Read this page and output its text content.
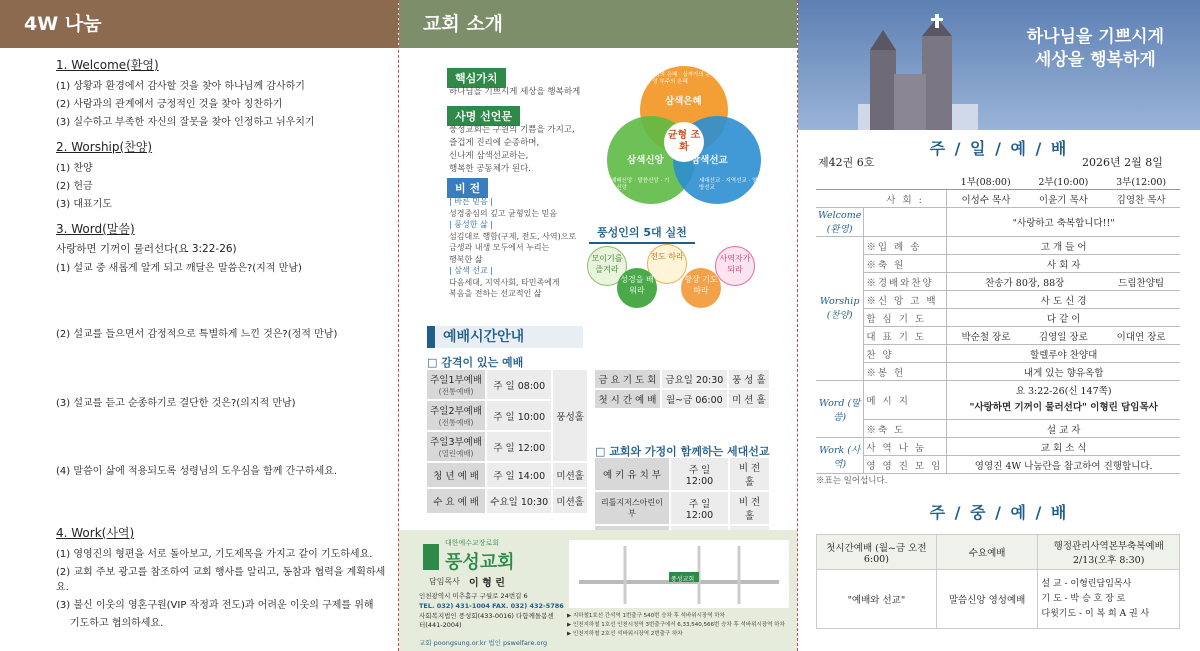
4W 나눔
1. Welcome(환영)
(1) 상황과 환경에서 감사할 것을 찾아 하나님께 감사하기
(2) 사람과의 관계에서 긍정적인 것을 찾아 칭찬하기
(3) 실수하고 부족한 자신의 잘못을 찾아 인정하고 뉘우치기
2. Worship(찬양)
(1) 찬양
(2) 헌금
(3) 대표기도
3. Word(말씀)
사랑하면 기꺼이 물러선다(요 3:22-26)
(1) 설교 중 새롭게 알게 되고 깨달은 말씀은?(지적 만남)
(2) 설교를 들으면서 감정적으로 특별하게 느낀 것은?(정적 만남)
(3) 설교를 듣고 순종하기로 결단한 것은?(의지적 만남)
(4) 말씀이 삶에 적용되도록 성령님의 도우심을 함께 간구하세요.
4. Work(사역)
(1) 영영진의 형편을 서로 돌아보고, 기도제목을 가지고 같이 기도하세요.
(2) 교회 주보 광고를 참조하여 교회 행사를 알리고, 동참과 협력을 계획하세요.
(3) 불신 이웃의 영혼구원(VIP 작정과 전도)과 어려운 이웃의 구제를 위해
기도하고 협의하세요.
교회 소개
핵심가치
하나님을 기쁘시게 세상을 행복하게
사명 선언문
풍성교회는 구원의 기쁨을 가지고,
즐겁게 진리에 순종하며,
신나게 삼색선교하는,
행복한 공동체가 된다.
비 전
| 바른 믿음 |
성경중심의 깊고 균형있는 믿음
| 풍성한 삶 |
섬김대로 행함(구제, 전도, 사역)으로
금생과 내생 모두에서 누리는
행복한 삶
| 삼색 선교 |
다음세대, 지역사회, 타민족에게
복음을 전하는 선교적인 삶
삼색은혜
삼색신앙	삼색선교
균형 조화
성령의 은혜 · 십자가의 은혜 · 성 부주의 은혜
예배신앙 · 말씀신앙 · 기도신앙
세대선교 · 지역선교 · 열방선교
풍성인의 5대 실천
모이기를 즐겨라
전도 하라
성경을 배워라
항상 기도하라
사역자가 되라
예배시간안내
□ 감격이 있는 예배
주일1부예배
(전통예배)	주 일 08:00	풍성홀
주일2부예배
(전통예배)	주 일 10:00	
주일3부예배
(열린예배)	주 일 12:00	
청 년 예 배	주 일 14:00	미션홀
수 요 예 배	수요일 10:30	미션홀
금 요 기 도 회	금요일 20:30	풍 성 홀
첫 시 간 예 배	월~금 06:00	미 션 홀
□ 교회와 가정이 함께하는 세대선교
예 키 유 치 부	주 일 12:00	비 전 홀
리틀지저스아린이부	주 일 12:00	비 전 홀

대한예수교장로회
풍성교회
담임목사 이 형 린
인천광역시 미추홀구 구월로 24번길 6
TEL. 032) 431-1004 FAX. 032) 432-5786
사회복지법인 풍성회(433-0016) 다함께돌봄센터(441-2004)
교회 poongsung.or.kr 법인 pswelfare.org
풍성교회
▶ 지하철1호선 간석역 1번출구 540번 승차 후 석바위시장역 하차
▶ 인천지하철 1호선 인천시청역 3번출구에서 6,33,540,566번 승차 후 석바위시장역 하차
▶ 인천지하철 2호선 석바위시장역 2번출구 하차
하나님을 기쁘시게
세상을 행복하게
주 / 일 / 예 / 배
제42권 6호	2026년 2월 8일
		1부(08:00)	2부(10:00)	3부(12:00)
	사 회 :	이성수 목사	이윤기 목사	김영찬 목사
Welcome (환영)		"사랑하고 축복합니다!!"		
Worship (찬양)	※입 례 송	고 개 들 어		
	※축 원	사 회 자		
	※경배와찬양	찬송가 80장, 88장		드림찬양팀
	※신 앙 고 백	사 도 신 경		
	합 심 기 도	다 같 이		
	대 표 기 도	박순철 장로	김영일 장로	이대연 장로
	찬 양	할렐루야 찬양대		
	※봉 헌	내게 있는 향유옥합		
Word (말씀)	메 시 지	요 3:22-26(신 147쪽)
"사랑하면 기꺼이 물러선다" 이형린 담임목사		

	※축 도	설 교 자		
Work (사역)	사 역 나 눔	교 회 소 식		
	영 영 진 모 임	영영진 4W 나눔란을 참고하여 진행합니다.		
※표는 일어섭니다.
주 / 중 / 예 / 배
첫시간예배 (월~금 오전 6:00)	수요예배	행정관리사역본부축복예배 2/13(오후 8:30)
"예배와 선교"	말씀신앙 영성예배	설 교 - 이형린담임목사
기 도 - 박 승 호 장 로
다윗기도 - 이 복 희 A 권 사
